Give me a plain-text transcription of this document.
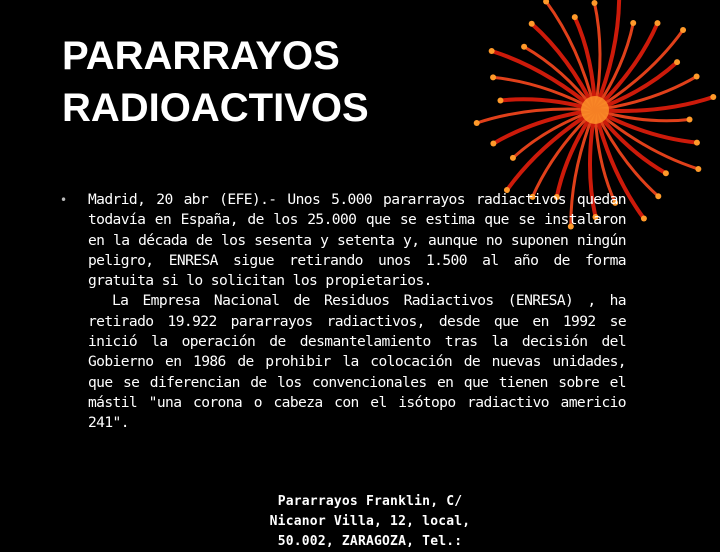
PARARRAYOS
RADIOACTIVOS
• Madrid, 20 abr (EFE).- Unos 5.000 pararrayos radiactivos quedan todavía en España, de los 25.000 que se estima que se instalaron en la década de los sesenta y setenta y, aunque no suponen ningún peligro, ENRESA sigue retirando unos 1.500 al año de forma gratuita si lo solicitan los propietarios.

La Empresa Nacional de Residuos Radiactivos (ENRESA) , ha retirado 19.922 pararrayos radiactivos, desde que en 1992 se inició la operación de desmantelamiento tras la decisión del Gobierno en 1986 de prohibir la colocación de nuevas unidades, que se diferencian de los convencionales en que tienen sobre el mástil "una corona o cabeza con el isótopo radiactivo americio 241".

Pararrayos Franklin, C/
Nicanor Villa, 12, local,
50.002, ZARAGOZA, Tel.:
